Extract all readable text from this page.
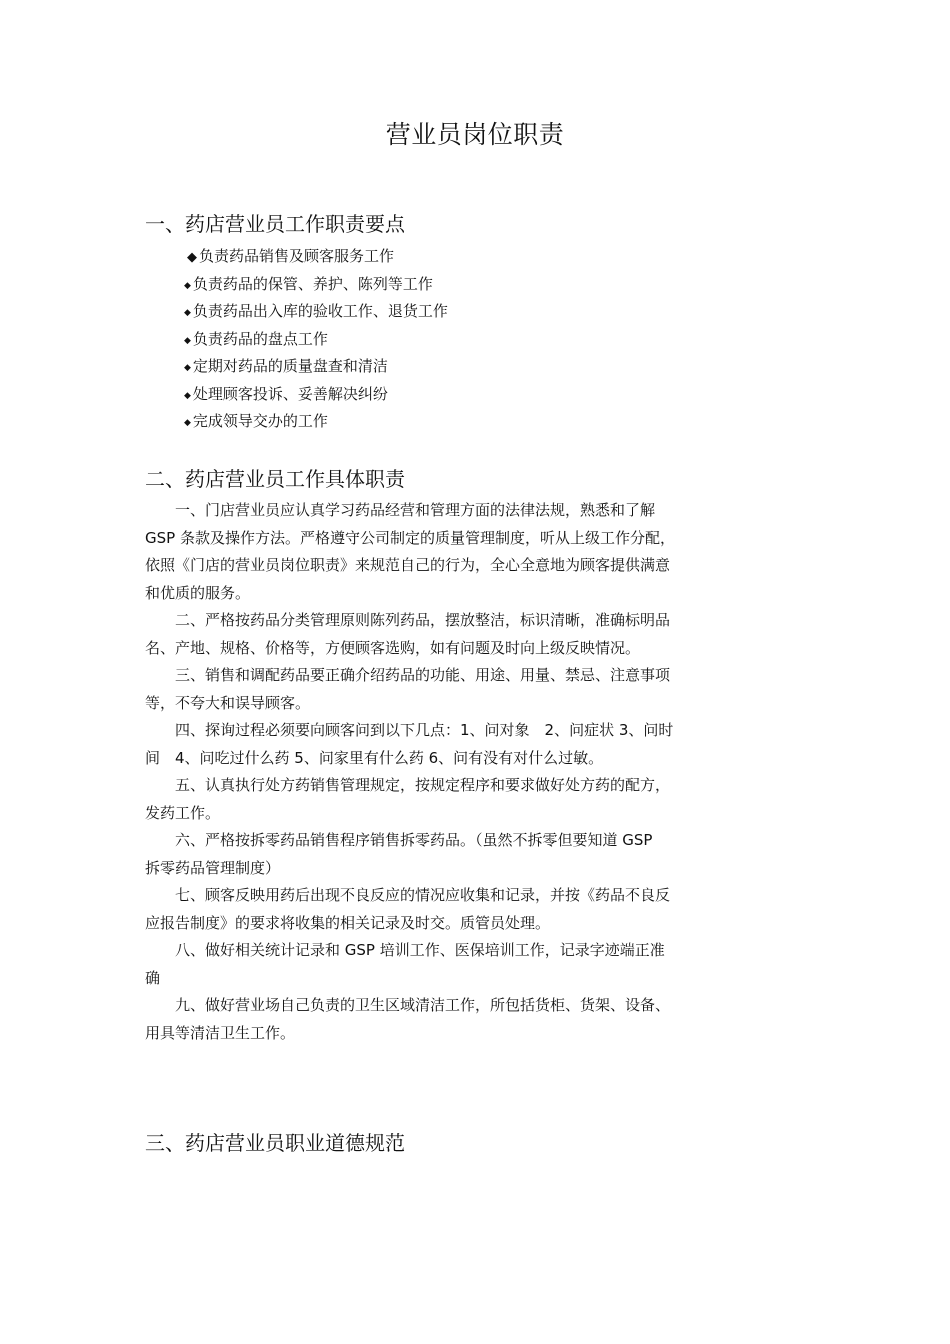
营业员岗位职责
一、药店营业员工作职责要点
◆ 负责药品销售及顾客服务工作
◆ 负责药品的保管、养护、陈列等工作
◆ 负责药品出入库的验收工作、退货工作
◆ 负责药品的盘点工作
◆ 定期对药品的质量盘查和清洁
◆ 处理顾客投诉、妥善解决纠纷
◆ 完成领导交办的工作
二、药店营业员工作具体职责
　　一、门店营业员应认真学习药品经营和管理方面的法律法规，熟悉和了解
GSP 条款及操作方法。严格遵守公司制定的质量管理制度，听从上级工作分配，
依照《门店的营业员岗位职责》来规范自己的行为，全心全意地为顾客提供满意
和优质的服务。
　　二、严格按药品分类管理原则陈列药品，摆放整洁，标识清晰，准确标明品
名、产地、规格、价格等，方便顾客选购，如有问题及时向上级反映情况。
　　三、销售和调配药品要正确介绍药品的功能、用途、用量、禁忌、注意事项
等，不夸大和误导顾客。
　　四、探询过程必须要向顾客问到以下几点：1、问对象　2、问症状 3、问时
间　4、问吃过什么药 5、问家里有什么药 6、问有没有对什么过敏。
　　五、认真执行处方药销售管理规定，按规定程序和要求做好处方药的配方，
发药工作。
　　六、严格按拆零药品销售程序销售拆零药品。（虽然不拆零但要知道 GSP
拆零药品管理制度）
　　七、顾客反映用药后出现不良反应的情况应收集和记录，并按《药品不良反
应报告制度》的要求将收集的相关记录及时交。质管员处理。
　　八、做好相关统计记录和 GSP 培训工作、医保培训工作，记录字迹端正准
确
　　九、做好营业场自己负责的卫生区域清洁工作，所包括货柜、货架、设备、
用具等清洁卫生工作。
三、药店营业员职业道德规范
